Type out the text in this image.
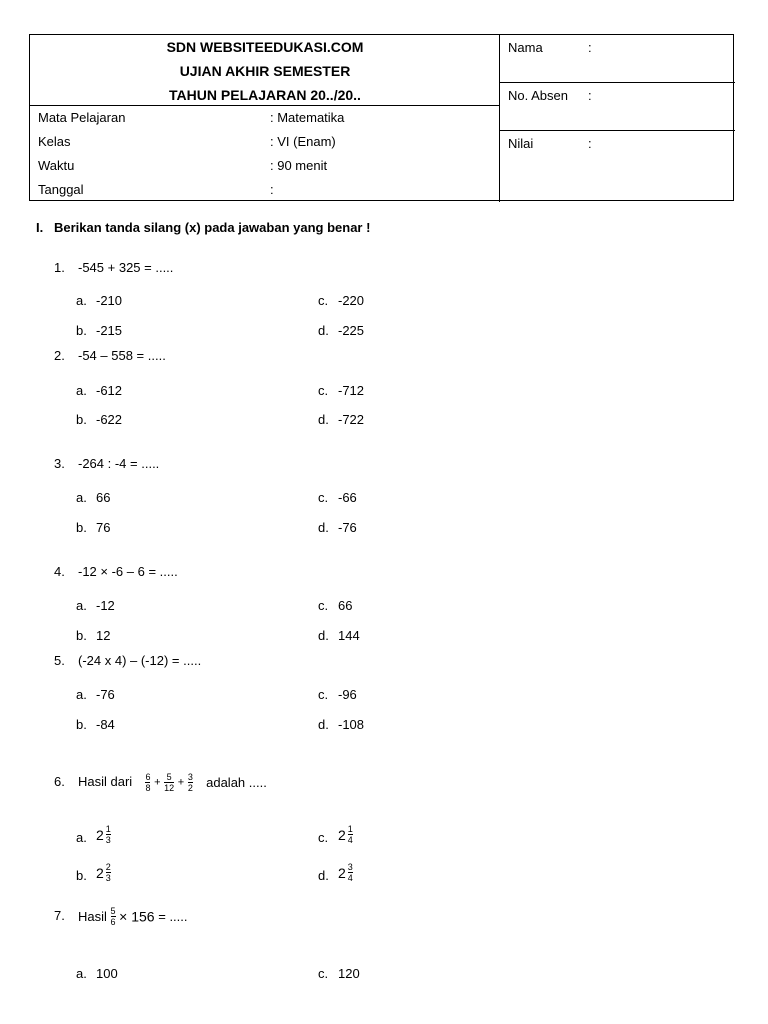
SDN WEBSITEEDUKASI.COM
UJIAN AKHIR SEMESTER
TAHUN PELAJARAN 20../20..
Mata Pelajaran	: Matematika
Kelas	: VI (Enam)
Waktu	: 90 menit
Tanggal	:
Nama	:
No. Absen :
Nilai	:
I. Berikan tanda silang (x) pada jawaban yang benar !
1. -545 + 325 = .....
a. -210	c. -220
b. -215	d. -225
2. -54 – 558 = .....
a. -612	c. -712
b. -622	d. -722
3. -264 : -4 = .....
a. 66	c. -66
b. 76	d. -76
4. -12 × -6 – 6 = .....
a. -12	c. 66
b. 12	d. 144
5. (-24 x 4) – (-12) = .....
a. -76	c. -96
b. -84	d. -108
6. Hasil dari $\frac{6}{8} + \frac{5}{12} + \frac{3}{2}$ adalah .....
a. $2 \frac{1}{3}$	c. $2 \frac{1}{4}$
b. $2 \frac{2}{3}$	d. $2 \frac{3}{4}$
7. Hasil $\frac{5}{6} \times 156$ = .....
a. 100	c. 120
